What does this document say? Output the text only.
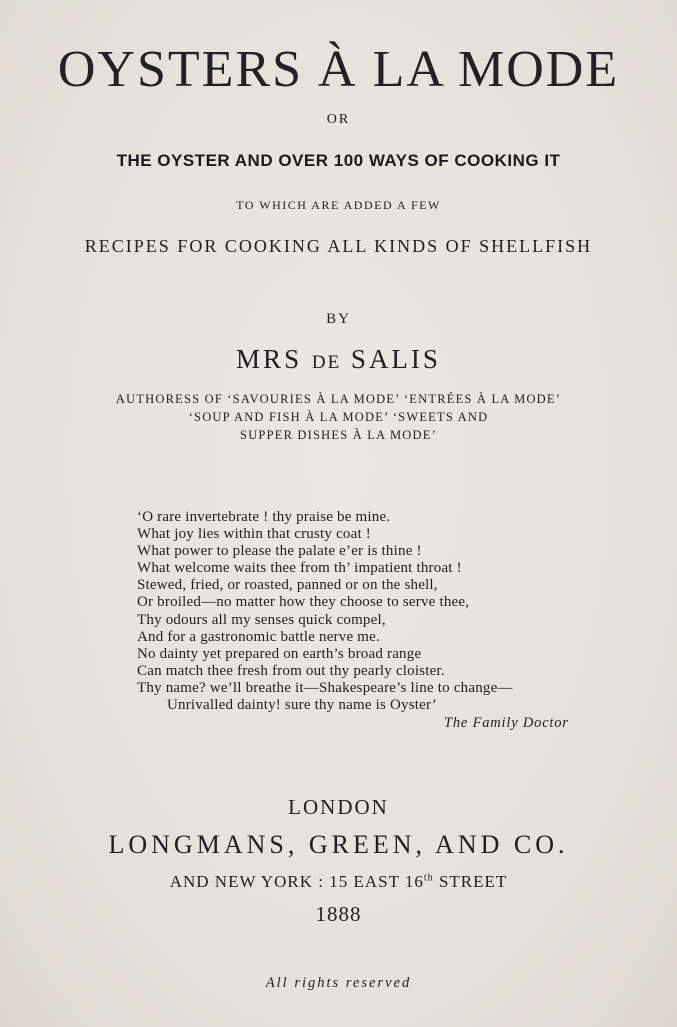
OYSTERS À LA MODE
OR
THE OYSTER AND OVER 100 WAYS OF COOKING IT
TO WHICH ARE ADDED A FEW
RECIPES FOR COOKING ALL KINDS OF SHELLFISH
BY
MRS DE SALIS
AUTHORESS OF ‘SAVOURIES À LA MODE’ ‘ENTRÉES À LA MODE’
‘SOUP AND FISH À LA MODE’ ‘SWEETS AND
SUPPER DISHES À LA MODE’
‘O rare invertebrate ! thy praise be mine.
What joy lies within that crusty coat !
What power to please the palate e’er is thine !
What welcome waits thee from th’ impatient throat !
Stewed, fried, or roasted, panned or on the shell,
Or broiled—no matter how they choose to serve thee,
Thy odours all my senses quick compel,
And for a gastronomic battle nerve me.
No dainty yet prepared on earth’s broad range
Can match thee fresh from out thy pearly cloister.
Thy name? we’ll breathe it—Shakespeare’s line to change—
Unrivalled dainty! sure thy name is Oyster’
The Family Doctor
LONDON
LONGMANS, GREEN, AND CO.
AND NEW YORK : 15 EAST 16th STREET
1888
All rights reserved
